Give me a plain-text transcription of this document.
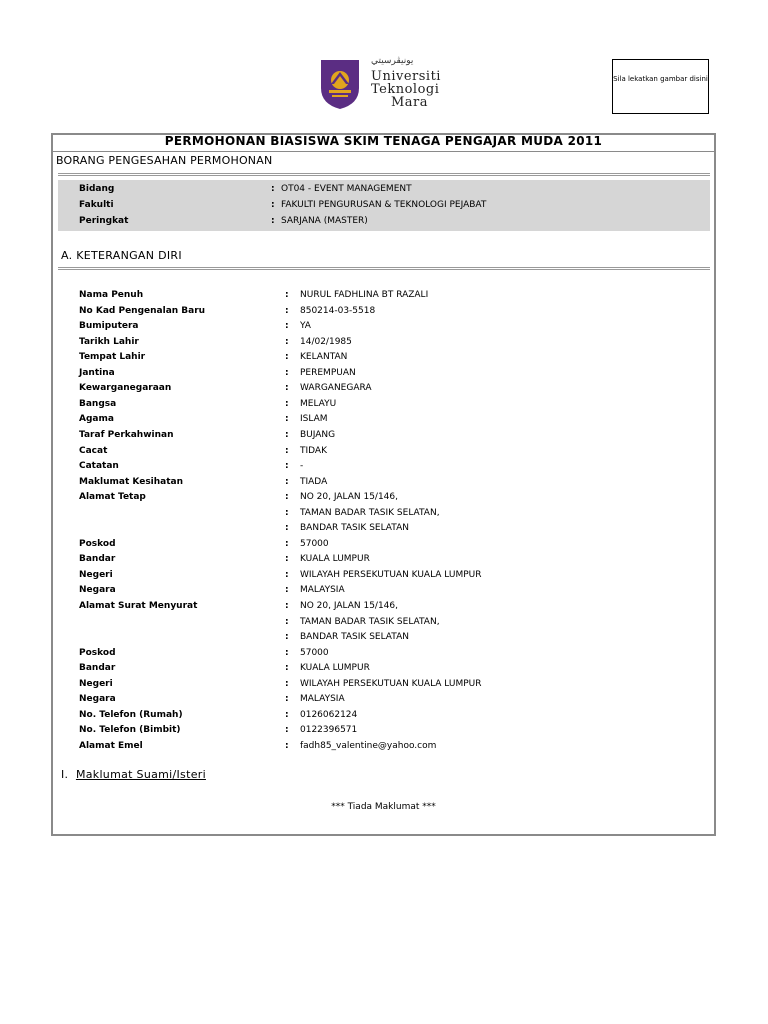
ﻳﻮﻧﻴﭭﺮﺳﻴﺘﻲ
Universiti
Teknologi
Mara
Sila lekatkan gambar disini
PERMOHONAN BIASISWA SKIM TENAGA PENGAJAR MUDA 2011
BORANG PENGESAHAN PERMOHONAN
Bidang	: OT04 - EVENT MANAGEMENT
Fakulti	: FAKULTI PENGURUSAN & TEKNOLOGI PEJABAT
Peringkat	: SARJANA (MASTER)
A. KETERANGAN DIRI
Nama Penuh	: NURUL FADHLINA BT RAZALI
No Kad Pengenalan Baru	: 850214-03-5518
Bumiputera	: YA
Tarikh Lahir	: 14/02/1985
Tempat Lahir	: KELANTAN
Jantina	: PEREMPUAN
Kewarganegaraan	: WARGANEGARA
Bangsa	: MELAYU
Agama	: ISLAM
Taraf Perkahwinan	: BUJANG
Cacat	: TIDAK
Catatan	: -
Maklumat Kesihatan	: TIADA
Alamat Tetap	: NO 20, JALAN 15/146,
: TAMAN BADAR TASIK SELATAN,
: BANDAR TASIK SELATAN
Poskod	: 57000
Bandar	: KUALA LUMPUR
Negeri	: WILAYAH PERSEKUTUAN KUALA LUMPUR
Negara	: MALAYSIA
Alamat Surat Menyurat	: NO 20, JALAN 15/146,
: TAMAN BADAR TASIK SELATAN,
: BANDAR TASIK SELATAN
Poskod	: 57000
Bandar	: KUALA LUMPUR
Negeri	: WILAYAH PERSEKUTUAN KUALA LUMPUR
Negara	: MALAYSIA
No. Telefon (Rumah)	: 0126062124
No. Telefon (Bimbit)	: 0122396571
Alamat Emel	: fadh85_valentine@yahoo.com
I. Maklumat Suami/Isteri
*** Tiada Maklumat ***
